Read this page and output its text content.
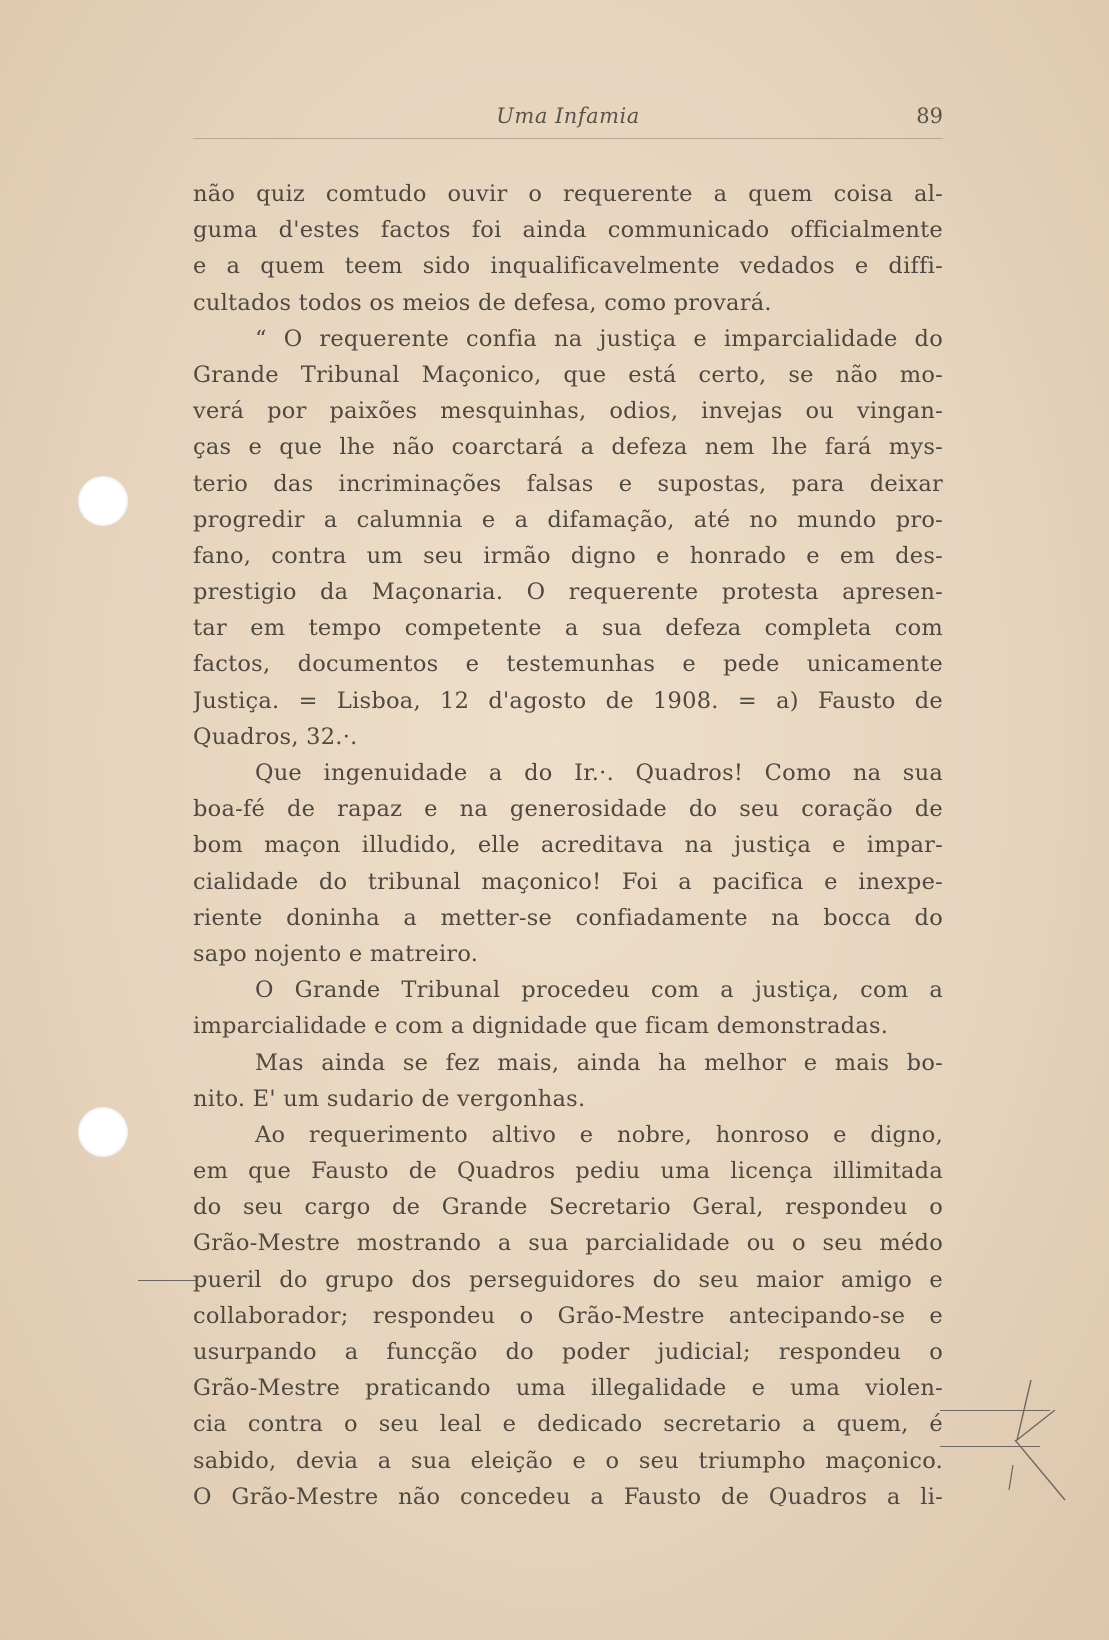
Uma Infamia	89
não quiz comtudo ouvir o requerente a quem coisa al-
guma d'estes factos foi ainda communicado officialmente
e a quem teem sido inqualificavelmente vedados e diffi-
cultados todos os meios de defesa, como provará.
“ O requerente confia na justiça e imparcialidade do
Grande Tribunal Maçonico, que está certo, se não mo-
verá por paixões mesquinhas, odios, invejas ou vingan-
ças e que lhe não coarctará a defeza nem lhe fará mys-
terio das incriminações falsas e supostas, para deixar
progredir a calumnia e a difamação, até no mundo pro-
fano, contra um seu irmão digno e honrado e em des-
prestigio da Maçonaria. O requerente protesta apresen-
tar em tempo competente a sua defeza completa com
factos, documentos e testemunhas e pede unicamente
Justiça. = Lisboa, 12 d'agosto de 1908. = a) Fausto de
Quadros, 32.·.
Que ingenuidade a do Ir.·. Quadros! Como na sua
boa-fé de rapaz e na generosidade do seu coração de
bom maçon illudido, elle acreditava na justiça e impar-
cialidade do tribunal maçonico! Foi a pacifica e inexpe-
riente doninha a metter-se confiadamente na bocca do
sapo nojento e matreiro.
O Grande Tribunal procedeu com a justiça, com a
imparcialidade e com a dignidade que ficam demonstradas.
Mas ainda se fez mais, ainda ha melhor e mais bo-
nito. E' um sudario de vergonhas.
Ao requerimento altivo e nobre, honroso e digno,
em que Fausto de Quadros pediu uma licença illimitada
do seu cargo de Grande Secretario Geral, respondeu o
Grão-Mestre mostrando a sua parcialidade ou o seu médo
pueril do grupo dos perseguidores do seu maior amigo e
collaborador; respondeu o Grão-Mestre antecipando-se e
usurpando a funcção do poder judicial; respondeu o
Grão-Mestre praticando uma illegalidade e uma violen-
cia contra o seu leal e dedicado secretario a quem, é
sabido, devia a sua eleição e o seu triumpho maçonico.
O Grão-Mestre não concedeu a Fausto de Quadros a li-
